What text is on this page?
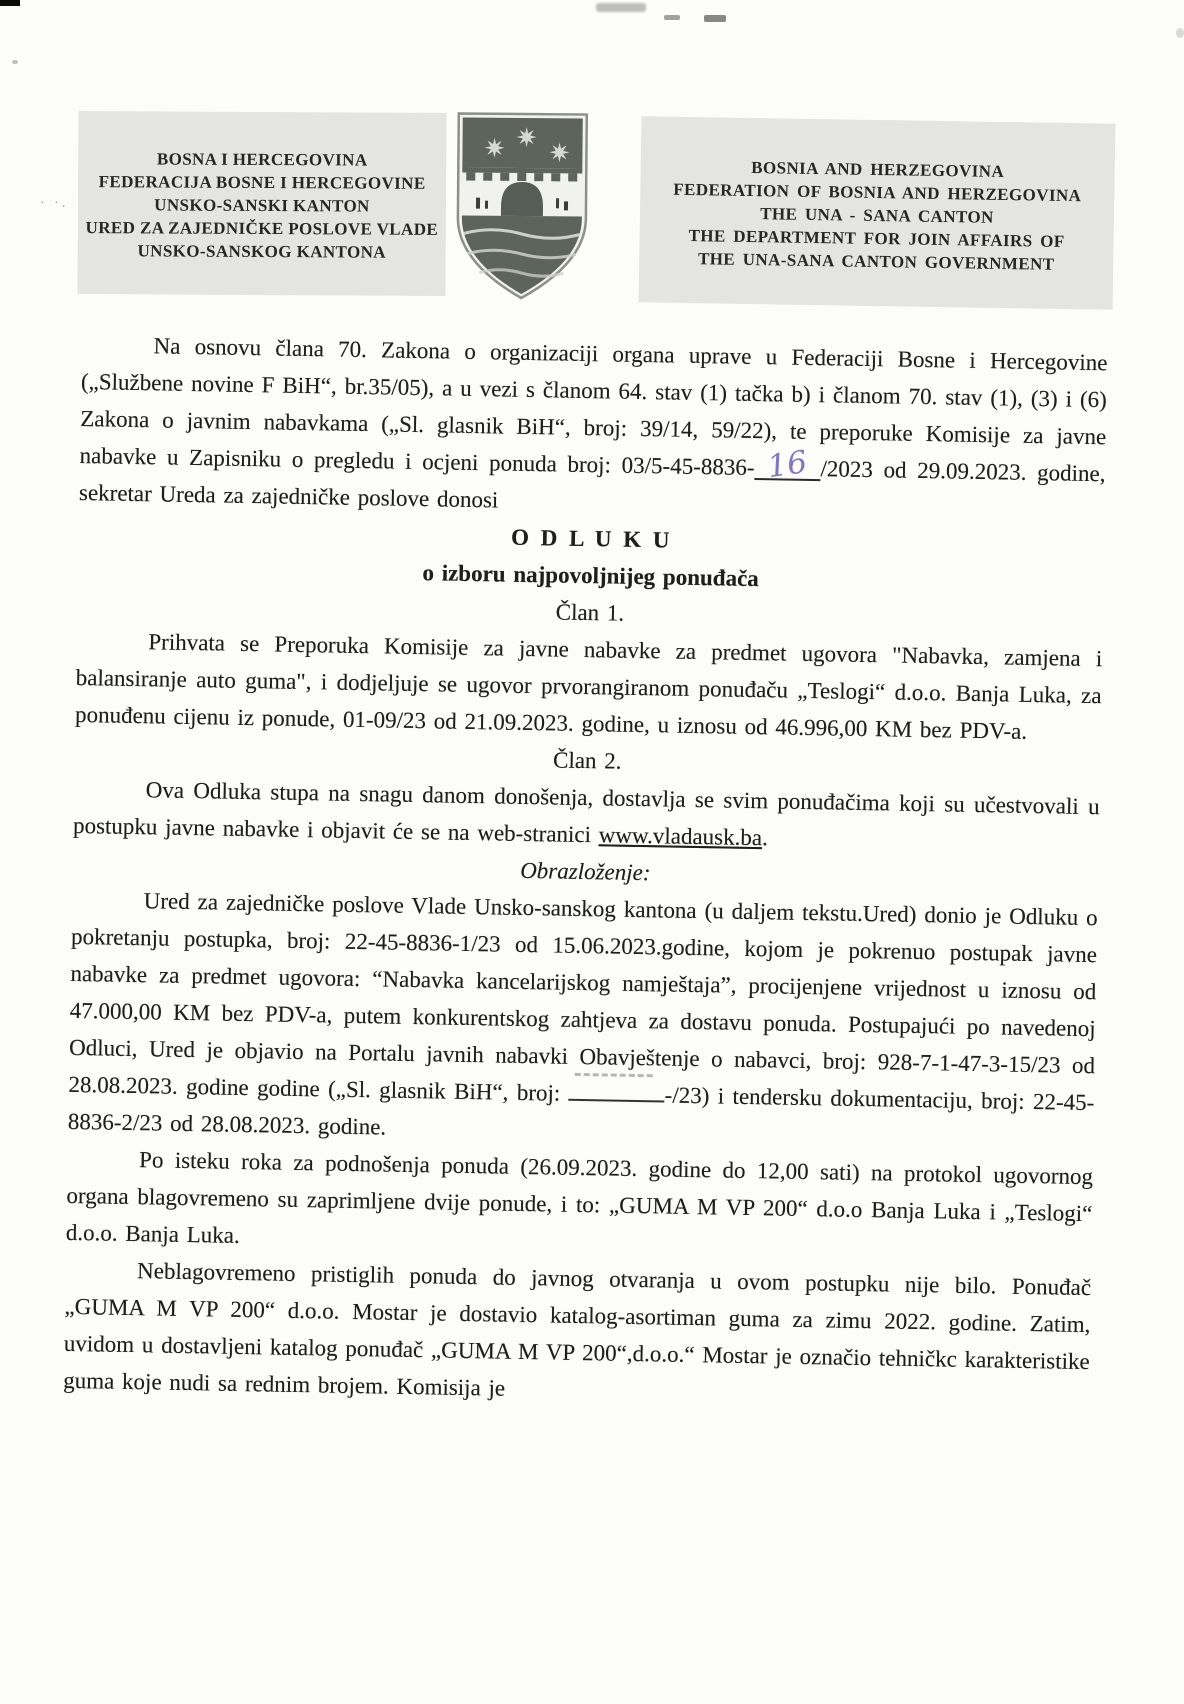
· ·.
BOSNA I HERCEGOVINA
FEDERACIJA BOSNE I HERCEGOVINE
UNSKO-SANSKI KANTON
URED ZA ZAJEDNIČKE POSLOVE VLADE
UNSKO-SANSKOG KANTONA
BOSNIA AND HERZEGOVINA
FEDERATION OF BOSNIA AND HERZEGOVINA
THE UNA - SANA CANTON
THE DEPARTMENT FOR JOIN AFFAIRS OF
THE UNA-SANA CANTON GOVERNMENT

Na osnovu člana 70. Zakona o organizaciji organa uprave u Federaciji Bosne i Hercegovine („Službene novine F BiH“, br.35/05), a u vezi s članom 64. stav (1) tačka b) i članom 70. stav (1), (3) i (6) Zakona o javnim nabavkama („Sl. glasnik BiH“, broj: 39/14, 59/22), te preporuke Komisije za javne nabavke u Zapisniku o pregledu i ocjeni ponuda broj: 03/5-45-8836- 16 /2023 od 29.09.2023. godine, sekretar Ureda za zajedničke poslove donosi

O D L U K U

o izboru najpovoljnijeg ponuđača

Član 1.

Prihvata se Preporuka Komisije za javne nabavke za predmet ugovora "Nabavka, zamjena i balansiranje auto guma", i dodjeljuje se ugovor prvorangiranom ponuđaču „Teslogi“ d.o.o. Banja Luka, za ponuđenu cijenu iz ponude, 01-09/23 od 21.09.2023. godine, u iznosu od 46.996,00 KM bez PDV-a.

Član 2.

Ova Odluka stupa na snagu danom donošenja, dostavlja se svim ponuđačima koji su učestvovali u postupku javne nabavke i objavit će se na web-stranici www.vladausk.ba.

Obrazloženje:

Ured za zajedničke poslove Vlade Unsko-sanskog kantona (u daljem tekstu.Ured) donio je Odluku o pokretanju postupka, broj: 22-45-8836-1/23 od 15.06.2023.godine, kojom je pokrenuo postupak javne nabavke za predmet ugovora: “Nabavka kancelarijskog namještaja”, procijenjene vrijednost u iznosu od 47.000,00 KM bez PDV-a, putem konkurentskog zahtjeva za dostavu ponuda. Postupajući po navedenoj Odluci, Ured je objavio na Portalu javnih nabavki Obavještenje o nabavci, broj: 928-7-1-47-3-15/23 od 28.08.2023. godine godine („Sl. glasnik BiH“, broj:	-/23) i tendersku dokumentaciju, broj: 22-45-8836-2/23 od 28.08.2023. godine.

Po isteku roka za podnošenja ponuda (26.09.2023. godine do 12,00 sati) na protokol ugovornog organa blagovremeno su zaprimljene dvije ponude, i to: „GUMA M VP 200“ d.o.o Banja Luka i „Teslogi“ d.o.o. Banja Luka.

Neblagovremeno pristiglih ponuda do javnog otvaranja u ovom postupku nije bilo. Ponuđač „GUMA M VP 200“ d.o.o. Mostar je dostavio katalog-asortiman guma za zimu 2022. godine. Zatim, uvidom u dostavljeni katalog ponuđač „GUMA M VP 200“,d.o.o.“ Mostar je označio tehničkc karakteristike guma koje nudi sa rednim brojem. Komisija je
